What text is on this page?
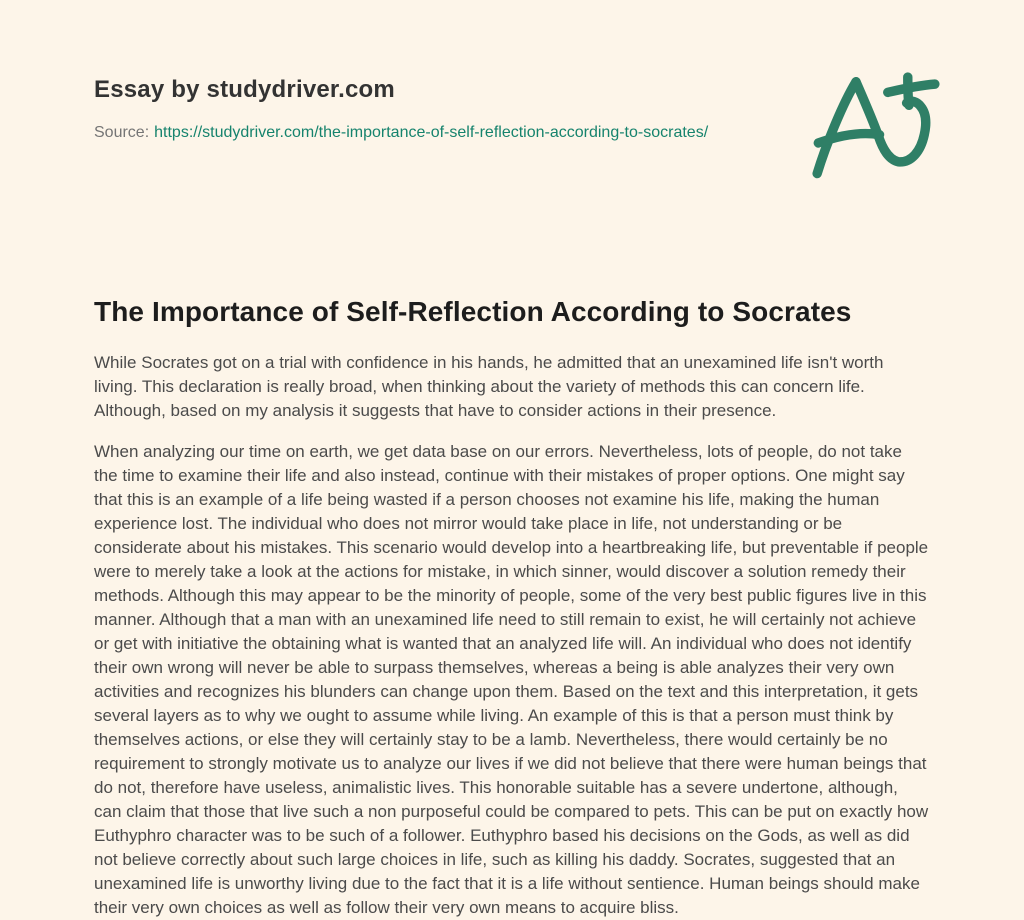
Essay by studydriver.com

Source: https://studydriver.com/the-importance-of-self-reflection-according-to-socrates/

The Importance of Self-Reflection According to Socrates

While Socrates got on a trial with confidence in his hands, he admitted that an unexamined life isn't worth living. This declaration is really broad, when thinking about the variety of methods this can concern life. Although, based on my analysis it suggests that have to consider actions in their presence.

When analyzing our time on earth, we get data base on our errors. Nevertheless, lots of people, do not take the time to examine their life and also instead, continue with their mistakes of proper options. One might say that this is an example of a life being wasted if a person chooses not examine his life, making the human experience lost. The individual who does not mirror would take place in life, not understanding or be considerate about his mistakes. This scenario would develop into a heartbreaking life, but preventable if people were to merely take a look at the actions for mistake, in which sinner, would discover a solution remedy their methods. Although this may appear to be the minority of people, some of the very best public figures live in this manner. Although that a man with an unexamined life need to still remain to exist, he will certainly not achieve or get with initiative the obtaining what is wanted that an analyzed life will. An individual who does not identify their own wrong will never be able to surpass themselves, whereas a being is able analyzes their very own activities and recognizes his blunders can change upon them. Based on the text and this interpretation, it gets several layers as to why we ought to assume while living. An example of this is that a person must think by themselves actions, or else they will certainly stay to be a lamb. Nevertheless, there would certainly be no requirement to strongly motivate us to analyze our lives if we did not believe that there were human beings that do not, therefore have useless, animalistic lives. This honorable suitable has a severe undertone, although, can claim that those that live such a non purposeful could be compared to pets. This can be put on exactly how Euthyphro character was to be such of a follower. Euthyphro based his decisions on the Gods, as well as did not believe correctly about such large choices in life, such as killing his daddy. Socrates, suggested that an unexamined life is unworthy living due to the fact that it is a life without sentience. Human beings should make their very own choices as well as follow their very own means to acquire bliss.
